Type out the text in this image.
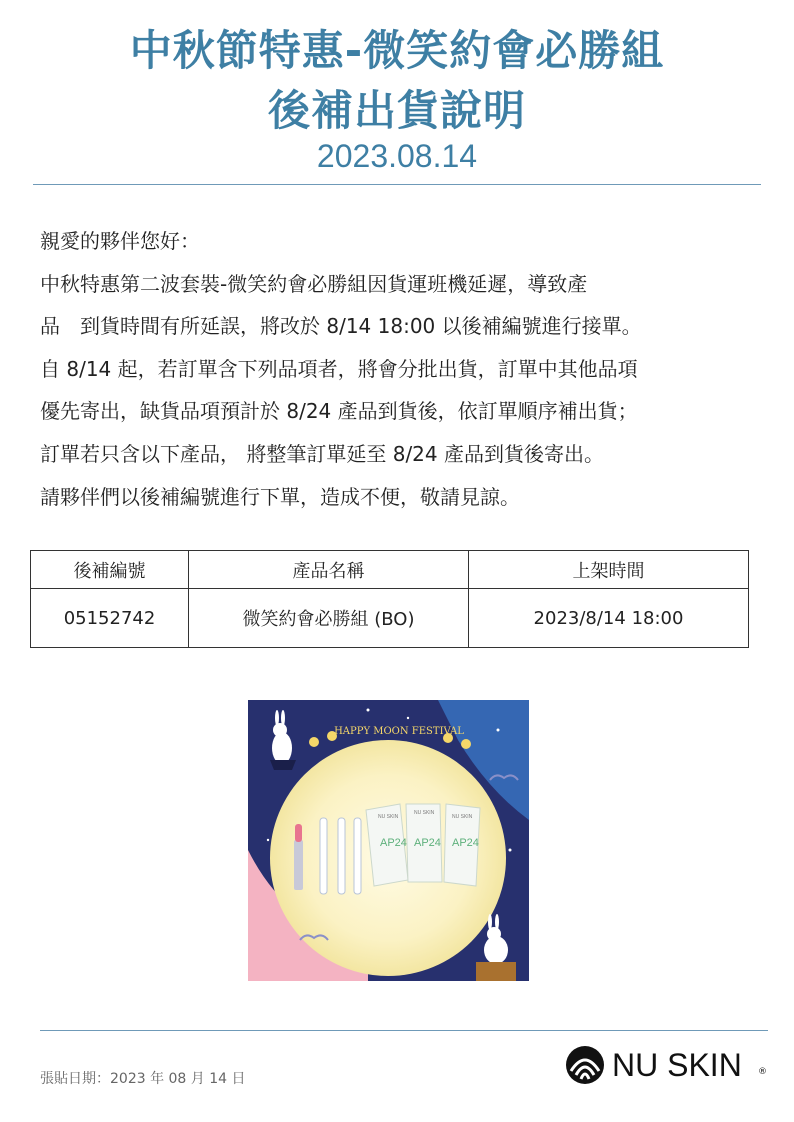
中秋節特惠-微笑約會必勝組
後補出貨說明
2023.08.14
親愛的夥伴您好：
中秋特惠第二波套裝-微笑約會必勝組因貨運班機延遲，導致產
品　到貨時間有所延誤，將改於 8/14 18:00 以後補編號進行接單。
自 8/14 起，若訂單含下列品項者，將會分批出貨，訂單中其他品項
優先寄出，缺貨品項預計於 8/24 產品到貨後，依訂單順序補出貨；
訂單若只含以下產品， 將整筆訂單延至 8/24 產品到貨後寄出。
請夥伴們以後補編號進行下單，造成不便，敬請見諒。
後補編號	產品名稱	上架時間
05152742	微笑約會必勝組 (BO)	2023/8/14 18:00
HAPPY MOON FESTIVAL
AP24 AP24 AP24
NU SKIN
NU SKIN
NU SKIN
張貼日期：2023 年 08 月 14 日	NU SKIN ®
